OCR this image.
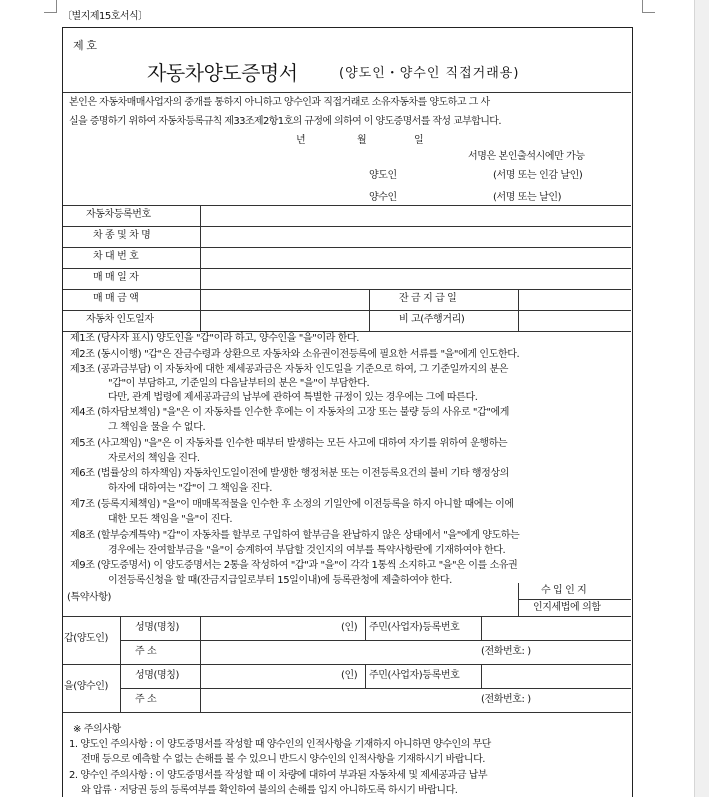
〔별지제15호서식〕
제 호
자동차양도증명서	(양도인・양수인 직접거래용)
본인은 자동차매매사업자의 중개를 통하지 아니하고 양수인과 직접거래로 소유자동차를 양도하고 그 사
실을 증명하기 위하여 자동차등록규칙 제33조제2항1호의 규정에 의하여 이 양도증명서를 작성 교부합니다.
년	월	일
서명은 본인출석시에만 가능
양도인	(서명 또는 인감 날인)
양수인	(서명 또는 날인)
자동차등록번호
차 종 및 차 명
차 대 번 호
매 매 일 자
매 매 금 액	잔 금 지 급 일
자동차 인도일자	비 고(주행거리)
제1조 (당사자 표시) 양도인을 "갑"이라 하고, 양수인을 "을"이라 한다.
제2조 (동시이행) "갑"은 잔금수령과 상환으로 자동차와 소유권이전등록에 필요한 서류를 "을"에게 인도한다.
제3조 (공과금부담) 이 자동차에 대한 제세공과금은 자동차 인도일을 기준으로 하여, 그 기준일까지의 분은
"갑"이 부담하고, 기준일의 다음날부터의 분은 "을"이 부담한다.
다만, 관계 법령에 제세공과금의 납부에 관하여 특별한 규정이 있는 경우에는 그에 따른다.
제4조 (하자담보책임) "을"은 이 자동차를 인수한 후에는 이 자동차의 고장 또는 불량 등의 사유로 "갑"에게
그 책임을 물을 수 없다.
제5조 (사고책임) "을"은 이 자동차를 인수한 때부터 발생하는 모든 사고에 대하여 자기를 위하여 운행하는
자로서의 책임을 진다.
제6조 (법률상의 하자책임) 자동차인도일이전에 발생한 행정처분 또는 이전등록요건의 불비 기타 행정상의
하자에 대하여는 "갑"이 그 책임을 진다.
제7조 (등록지체책임) "을"이 매매목적물을 인수한 후 소정의 기일안에 이전등록을 하지 아니할 때에는 이에
대한 모든 책임을 "을"이 진다.
제8조 (할부승계특약) "갑"이 자동차를 할부로 구입하여 할부금을 완납하지 않은 상태에서 "을"에게 양도하는
경우에는 잔여할부금을 "을"이 승계하여 부담할 것인지의 여부를 특약사항란에 기재하여야 한다.
제9조 (양도증명서) 이 양도증명서는 2통을 작성하여 "갑"과 "을"이 각각 1통씩 소지하고 "을"은 이를 소유권
이전등록신청을 할 때(잔금지급일로부터 15일이내)에 등록관청에 제출하여야 한다.
(특약사항)
수 입 인 지
인지세법에 의함
갑(양도인)
성명(명칭)	(인) 주민(사업자)등록번호
주 소	(전화번호: )
을(양수인)
성명(명칭)	(인) 주민(사업자)등록번호
주 소	(전화번호: )
※ 주의사항
1. 양도인 주의사항 : 이 양도증명서를 작성할 때 양수인의 인적사항을 기재하지 아니하면 양수인의 무단
전매 등으로 예측할 수 없는 손해를 볼 수 있으니 반드시 양수인의 인적사항을 기재하시기 바랍니다.
2. 양수인 주의사항 : 이 양도증명서를 작성할 때 이 차량에 대하여 부과된 자동차세 및 제세공과금 납부
와 압류 · 저당권 등의 등록여부를 확인하여 불의의 손해를 입지 아니하도록 하시기 바랍니다.
